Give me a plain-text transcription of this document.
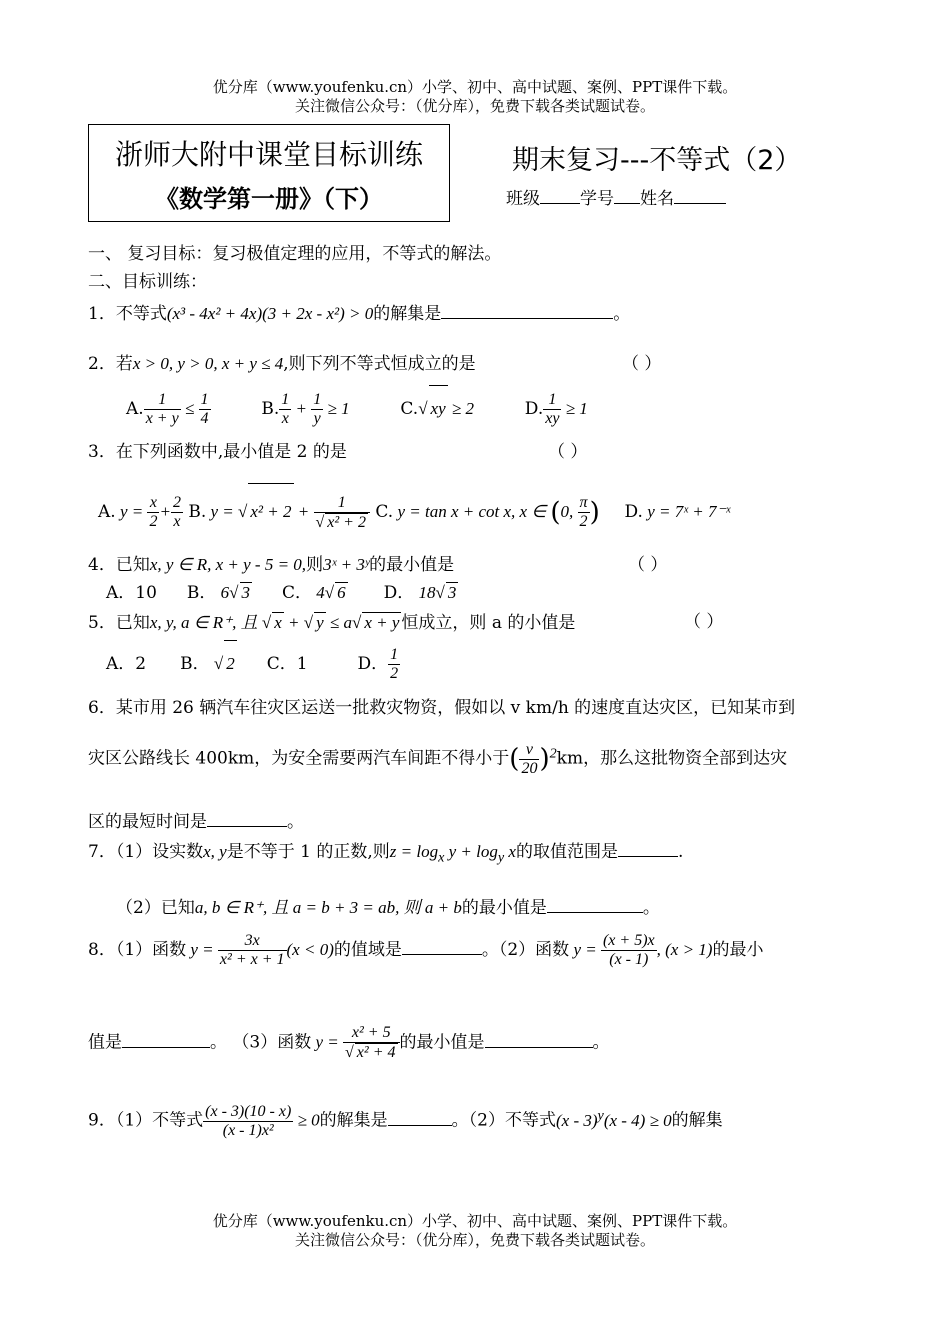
优分库（www.youfenku.cn）小学、初中、高中试题、案例、PPT课件下载。
关注微信公众号：（优分库），免费下载各类试题试卷。
浙师大附中课堂目标训练
《数学第一册》（下）
期末复习---不等式（2）
班级 学号 姓名
一、 复习目标：复习极值定理的应用，不等式的解法。
二、目标训练：
1．不等式(x³ - 4x² + 4x)(3 + 2x - x²) > 0的解集是	。
2．若x > 0, y > 0, x + y ≤ 4,则下列不等式恒成立的是	（ ）
A. $\frac{1}{x + y} \le \frac{1}{4}$	B. $\frac{1}{x} + \frac{1}{y} \ge 1$	C.√ xy ≥ 2	D. $\frac{1}{xy} \ge 1$
3．在下列函数中,最小值是 2 的是	（ ）
A. $y = \frac{x}{2} + \frac{2}{x} B$. y = √ $x^2 + 2 + \frac{1}{\text{√ x² + 2}} C$. y = tan x + cot x, x ∈ (0, $\frac{\pi}{2}$ ) D. y = 7ˣ + 7⁻ˣ
4．已知x, y ∈ R, x + y - 5 = 0,则3ˣ + 3ʸ的最小值是	（ ）
A．10 B． 6√ 3 C． 4√ 6 D． 18√ 3
5．已知x, y, a ∈ R⁺, 且 √ x + √ y ≤ a√ x + y 恒成立，则 a 的小值是	（ ）
A．2 B． √ 2 C．1	D． $\frac{1}{2}$
6．某市用 26 辆汽车往灾区运送一批救灾物资，假如以 v km/h 的速度直达灾区，已知某市到
灾区公路线长 400km，为安全需要两汽车间距不得小于( $\frac{v}{20} )^2km$，那么这批物资全部到达灾
区的最短时间是	。
7．（1）设实数x, y是不等于 1 的正数,则$z = \log_x y + \log_y x$的取值范围是	.
（2）已知a, b ∈ R⁺, 且 a = b + 3 = ab, 则 a + b的最小值是	。
8．（1）函数 $y = \frac{3x}{\text{x² + x + 1}} (x < 0)$的值域是	。（2）函数 $y = \frac{(x + 5)x}{(x - 1)}$ , (x > 1)的最小
值是	。 （3）函数 $y = \frac{\text{x² + 5}}{\text{√ x² + 4}}$ 的最小值是	。
9．（1）不等式 $\frac{(x - 3)(10 - x)}{\text{(x - 1)x²}} \ge 0$的解集是	。（2）不等式(x - 3)$^y$(x - 4) ≥ 0的解集
优分库（www.youfenku.cn）小学、初中、高中试题、案例、PPT课件下载。
关注微信公众号：（优分库），免费下载各类试题试卷。
